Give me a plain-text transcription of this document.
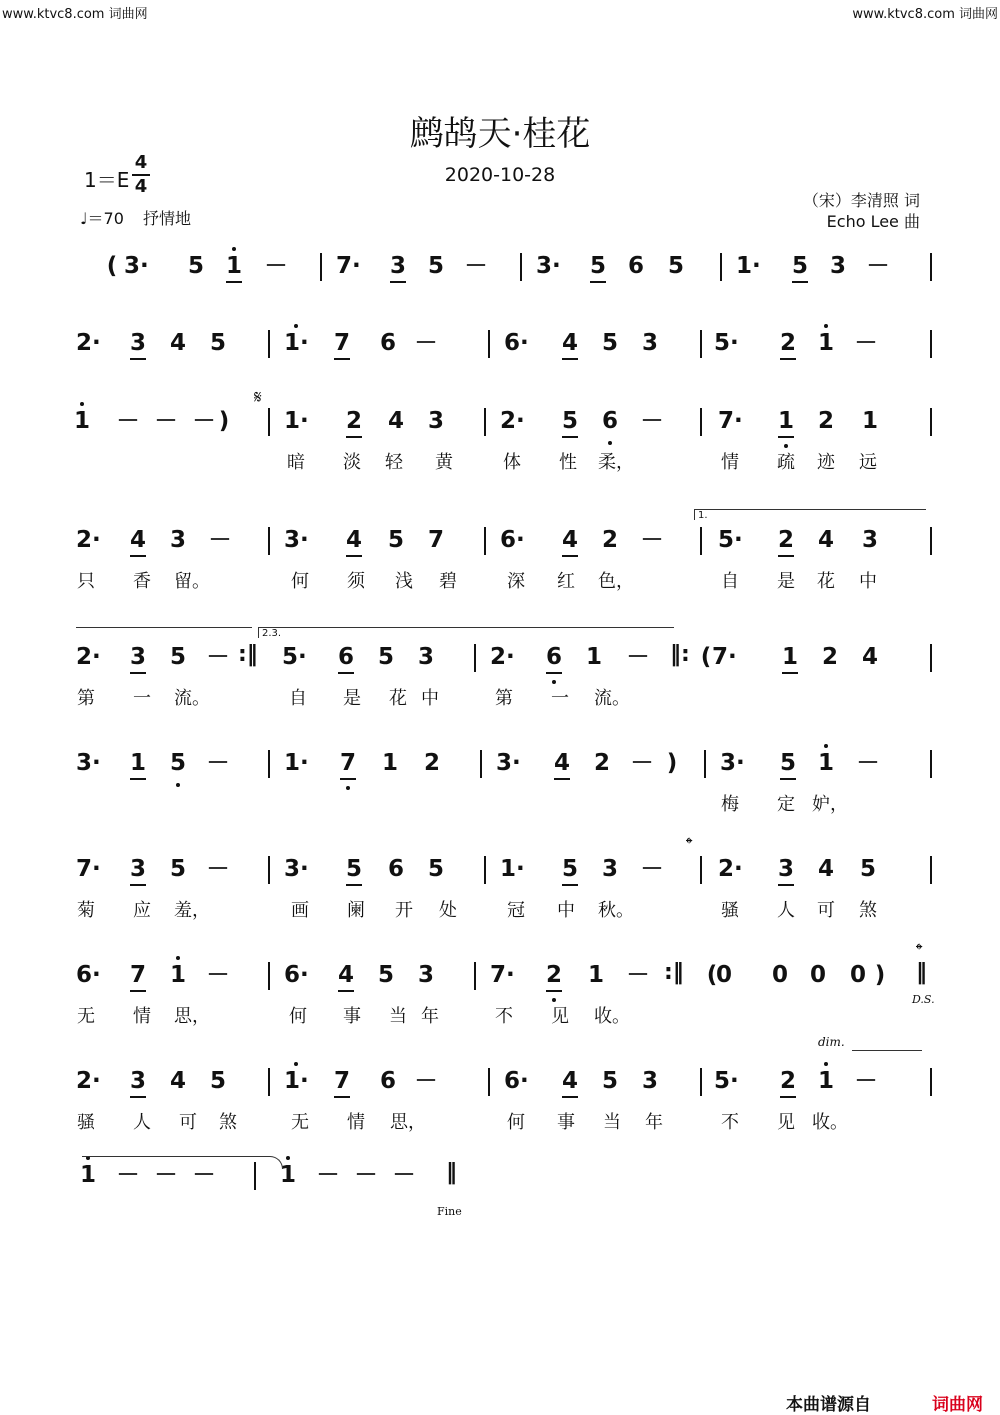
www.ktvc8.com 词曲网	www.ktvc8.com 词曲网
鹧鸪天·桂花
2020-10-28
1＝E
4
4
♩＝70 抒情地
（宋）李清照 词
Echo Lee 曲
( 3· 5 1 － 7· 3 5 － 3· 5 6 5 1· 5 3 －
2· 3 4 5	1· 7 6 －	6· 4 5 3 5· 2 1 －
1 － － － ) 1· 2 4 3 2· 5 6 － 7· 1 2 1
暗 淡 轻 黄	体 性 柔，	情 疏 迹 远
2· 4 3 － 3· 4 5 7 6· 4 2 － 5· 2 4 3
只 香 留。	何 须 浅 碧	深 红 色，	自 是 花 中
2· 3 5 － :‖ 5· 6 5 3 2· 6 1 － ‖: ( 7· 1 2 4
第 一 流。	自 是 花 中	第 一 流。
3· 1 5 － 1· 7 1 2 3· 4 2 － ) 3· 5 1 －
梅 定 妒，
7· 3 5 － 3· 5 6 5 1· 5 3 － 2· 3 4 5
菊 应 羞，	画 阑 开 处	冠 中 秋。	骚 人 可 煞
6· 7 1 － 6· 4 5 3 7· 2 1 － :‖ (
0 0 0 0 )	‖
无 情 思，	何 事 当 年	不 见 收。
2· 3 4 5	1· 7 6 －	6· 4 5 3 5· 2 1 －
骚 人 可 煞	无 情 思，	何 事 当 年	不 见 收。
1 － － －	1 － － － ‖
𝄋
1.
2.3.
𝄌
𝄌
D.S.
dim.
Fine
本曲谱源自	词曲网
